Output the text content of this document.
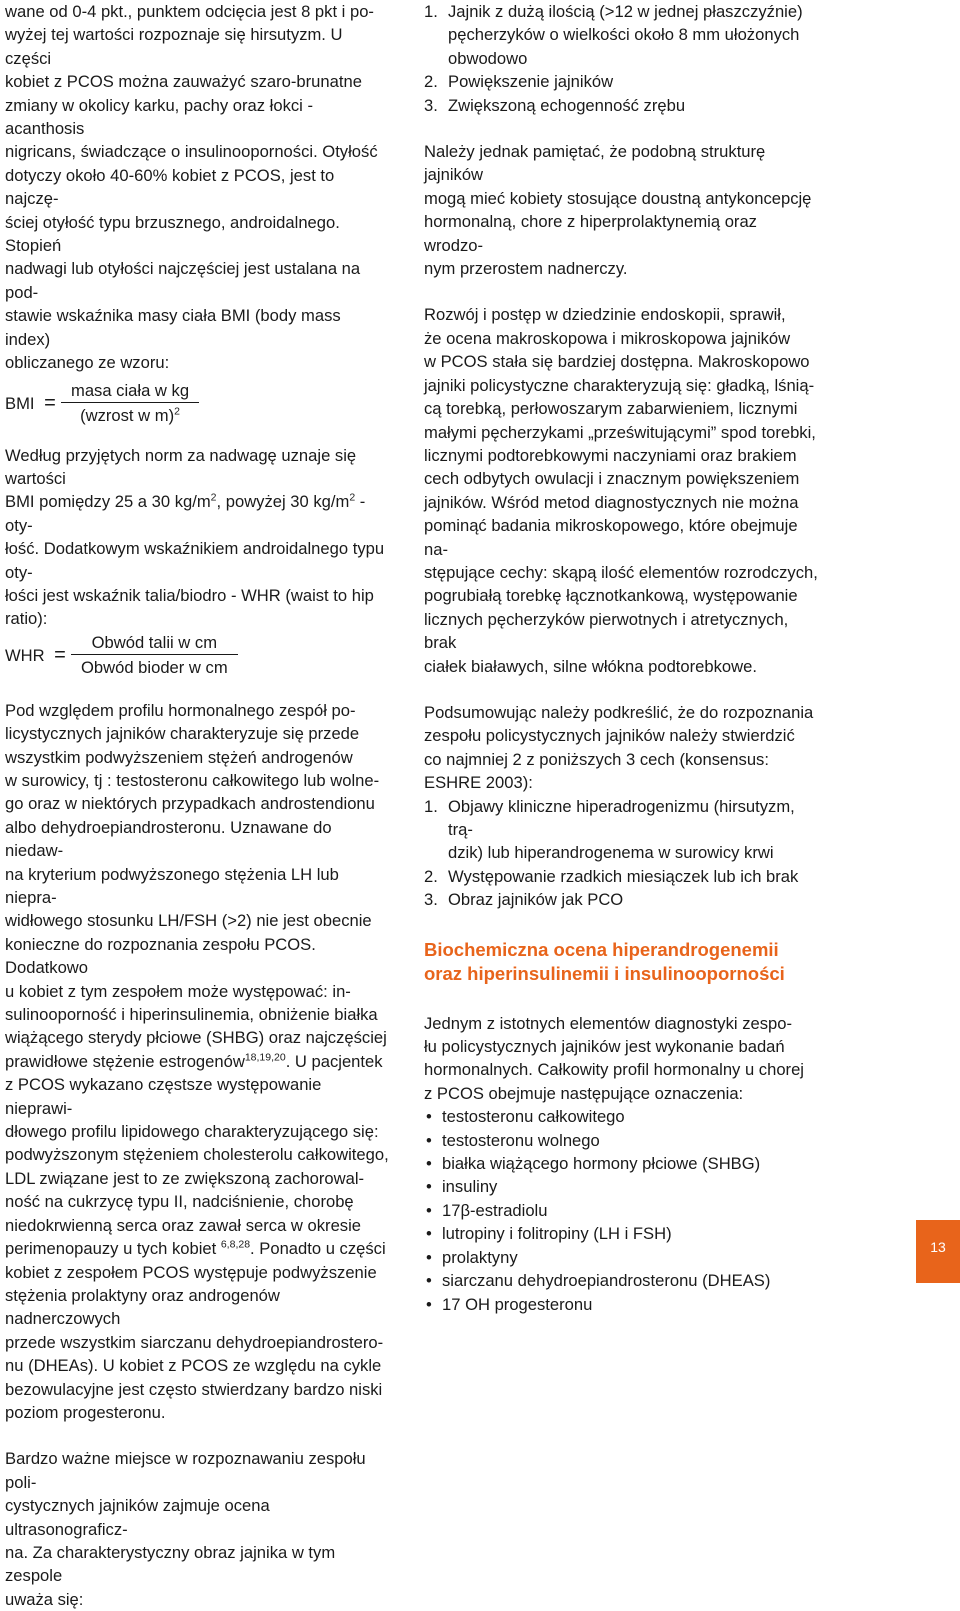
wane od 0-4 pkt., punktem odcięcia jest 8 pkt i po-

wyżej tej wartości rozpoznaje się hirsutyzm. U części

kobiet z PCOS można zauważyć szaro-brunatne

zmiany w okolicy karku, pachy oraz łokci - acanthosis

nigricans, świadczące o insulinooporności. Otyłość

dotyczy około 40-60% kobiet z PCOS, jest to najczę-

ściej otyłość typu brzusznego, androidalnego. Stopień

nadwagi lub otyłości najczęściej jest ustalana na pod-

stawie wskaźnika masy ciała BMI (body mass index)

obliczanego ze wzoru:

BMI = $\frac{\text{masa ciała w kg}}{(wzrost w m)^2}$

Według przyjętych norm za nadwagę uznaje się wartości

BMI pomiędzy 25 a 30 $kg/m^2$, powyżej 30 $kg/m^2 - oty-$

łość. Dodatkowym wskaźnikiem androidalnego typu oty-

łości jest wskaźnik talia/biodro - WHR (waist to hip ratio):

WHR = $\frac{\text{Obwód talii w cm}}{\text{Obwód bioder w cm}}$

Pod względem profilu hormonalnego zespół po-

licystycznych jajników charakteryzuje się przede

wszystkim podwyższeniem stężeń androgenów

w surowicy, tj : testosteronu całkowitego lub wolne-

go oraz w niektórych przypadkach androstendionu

albo dehydroepiandrosteronu. Uznawane do niedaw-

na kryterium podwyższonego stężenia LH lub niepra-

widłowego stosunku LH/FSH (>2) nie jest obecnie

konieczne do rozpoznania zespołu PCOS. Dodatkowo

u kobiet z tym zespołem może występować: in-

sulinooporność i hiperinsulinemia, obniżenie białka

wiążącego sterydy płciowe (SHBG) oraz najczęściej

prawidłowe stężenie estrogenów$^{18,19,20}$. U pacjentek

z PCOS wykazano częstsze występowanie nieprawi-

dłowego profilu lipidowego charakteryzującego się:

podwyższonym stężeniem cholesterolu całkowitego,

LDL związane jest to ze zwiększoną zachorowal-

ność na cukrzycę typu II, nadciśnienie, chorobę

niedokrwienną serca oraz zawał serca w okresie

perimenopauzy u tych kobiet $^{6,8,28}$. Ponadto u części

kobiet z zespołem PCOS występuje podwyższenie

stężenia prolaktyny oraz androgenów nadnerczowych

przede wszystkim siarczanu dehydroepiandrostero-

nu (DHEAs). U kobiet z PCOS ze względu na cykle

bezowulacyjne jest często stwierdzany bardzo niski

poziom progesteronu.

Bardzo ważne miejsce w rozpoznawaniu zespołu poli-

cystycznych jajników zajmuje ocena ultrasonograficz-

na. Za charakterystyczny obraz jajnika w tym zespole

uważa się:

1. Jajnik z dużą ilością (>12 w jednej płaszczyźnie)
pęcherzyków o wielkości około 8 mm ułożonych
obwodowo
2. Powiększenie jajników
3. Zwiększoną echogenność zrębu

Należy jednak pamiętać, że podobną strukturę jajników

mogą mieć kobiety stosujące doustną antykoncepcję

hormonalną, chore z hiperprolaktynemią oraz wrodzo-

nym przerostem nadnerczy.

Rozwój i postęp w dziedzinie endoskopii, sprawił,

że ocena makroskopowa i mikroskopowa jajników

w PCOS stała się bardziej dostępna. Makroskopowo

jajniki policystyczne charakteryzują się: gładką, lśnią-

cą torebką, perłowoszarym zabarwieniem, licznymi

małymi pęcherzykami „prześwitującymi” spod torebki,

licznymi podtorebkowymi naczyniami oraz brakiem

cech odbytych owulacji i znacznym powiększeniem

jajników. Wśród metod diagnostycznych nie można

pominąć badania mikroskopowego, które obejmuje na-

stępujące cechy: skąpą ilość elementów rozrodczych,

pogrubiałą torebkę łącznotkankową, występowanie

licznych pęcherzyków pierwotnych i atretycznych, brak

ciałek białawych, silne włókna podtorebkowe.

Podsumowując należy podkreślić, że do rozpoznania

zespołu policystycznych jajników należy stwierdzić

co najmniej 2 z poniższych 3 cech (konsensus:

ESHRE 2003):

1. Objawy kliniczne hiperadrogenizmu (hirsutyzm, trą-
dzik) lub hiperandrogenema w surowicy krwi
2. Występowanie rzadkich miesiączek lub ich brak
3. Obraz jajników jak PCO
Biochemiczna ocena hiperandrogenemii
oraz hiperinsulinemii i insulinooporności

Jednym z istotnych elementów diagnostyki zespo-

łu policystycznych jajników jest wykonanie badań

hormonalnych. Całkowity profil hormonalny u chorej

z PCOS obejmuje następujące oznaczenia:

• testosteronu całkowitego
• testosteronu wolnego
• białka wiążącego hormony płciowe (SHBG)
• insuliny
• 17β-estradiolu
• lutropiny i folitropiny (LH i FSH)
• prolaktyny
• siarczanu dehydroepiandrosteronu (DHEAS)
• 17 OH progesteronu
13
